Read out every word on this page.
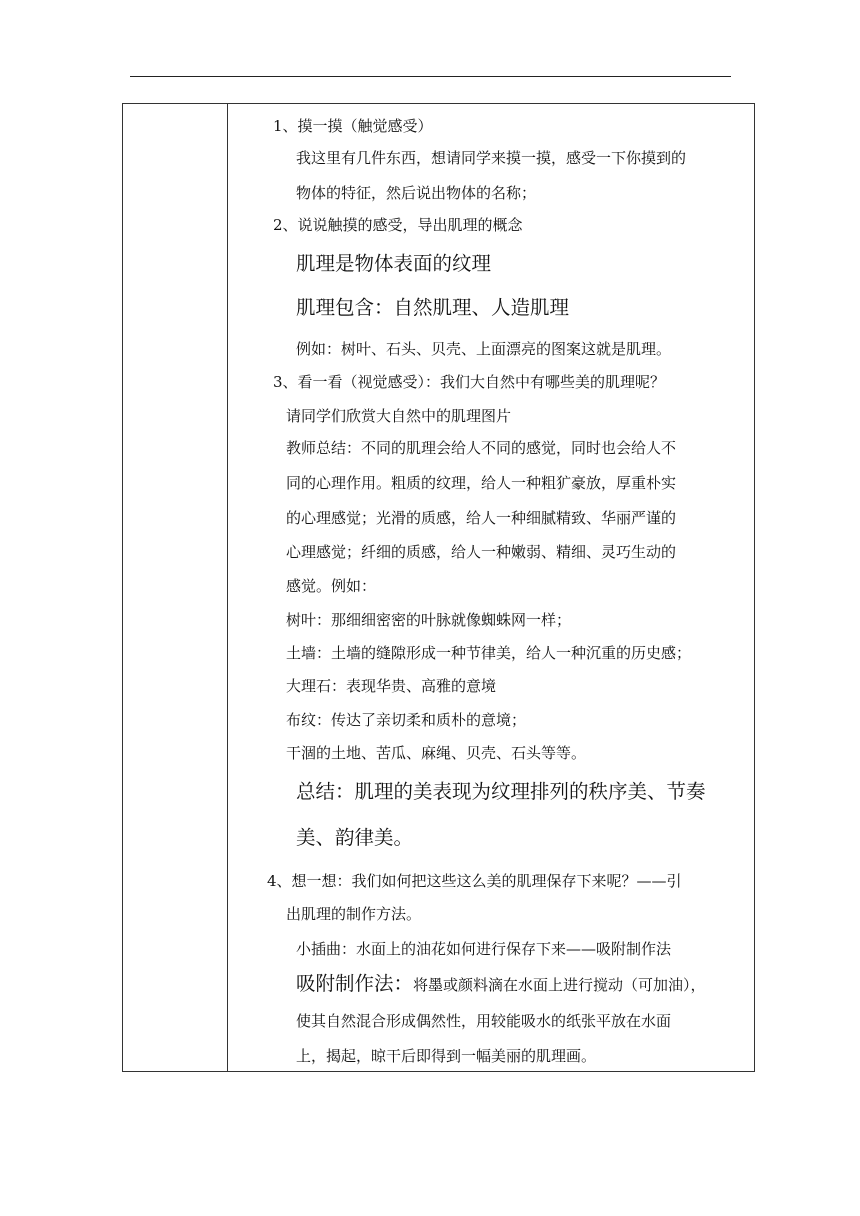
1、摸一摸（触觉感受）
我这里有几件东西，想请同学来摸一摸，感受一下你摸到的
物体的特征，然后说出物体的名称；
2、说说触摸的感受，导出肌理的概念
肌理是物体表面的纹理
肌理包含：自然肌理、人造肌理
例如：树叶、石头、贝壳、上面漂亮的图案这就是肌理。
3、看一看（视觉感受）：我们大自然中有哪些美的肌理呢？
请同学们欣赏大自然中的肌理图片
教师总结：不同的肌理会给人不同的感觉，同时也会给人不
同的心理作用。粗质的纹理，给人一种粗犷豪放，厚重朴实
的心理感觉；光滑的质感，给人一种细腻精致、华丽严谨的
心理感觉；纤细的质感，给人一种嫩弱、精细、灵巧生动的
感觉。例如：
树叶：那细细密密的叶脉就像蜘蛛网一样；
土墙：土墙的缝隙形成一种节律美，给人一种沉重的历史感；
大理石：表现华贵、高雅的意境
布纹：传达了亲切柔和质朴的意境；
干涸的土地、苦瓜、麻绳、贝壳、石头等等。
总结：肌理的美表现为纹理排列的秩序美、节奏
美、韵律美。
4、想一想：我们如何把这些这么美的肌理保存下来呢？——引
出肌理的制作方法。
小插曲：水面上的油花如何进行保存下来——吸附制作法
吸附制作法：将墨或颜料滴在水面上进行搅动（可加油），
使其自然混合形成偶然性，用较能吸水的纸张平放在水面
上，揭起，晾干后即得到一幅美丽的肌理画。
